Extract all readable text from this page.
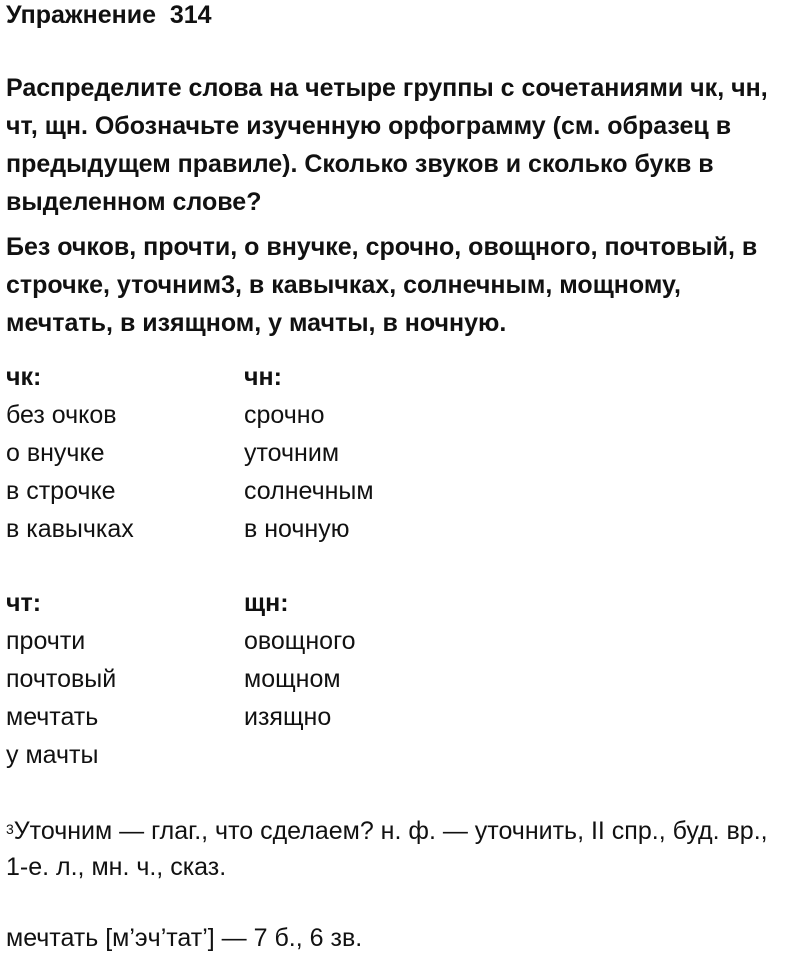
Упражнение  314
Распределите слова на четыре группы с сочетаниями чк, чн, чт, щн. Обозначьте изученную орфограмму (см. образец в предыдущем правиле). Сколько звуков и сколько букв в выделенном слове?
Без очков, прочти, о внучке, срочно, овощного, почтовый, в строчке, уточним3, в кавычках, солнечным, мощному, мечтать, в изящном, у мачты, в ночную.
чк:
без очков
о внучке
в строчке
в кавычках
чн:
срочно
уточним
солнечным
в ночную
чт:
прочти
почтовый
мечтать
у мачты
щн:
овощного
мощном
изящно
$^3$Уточним — глаг., что сделаем? н. ф. — уточнить, II спр., буд. вр., 1-е. л., мн. ч., сказ.
мечтать [м’эч’тат’] — 7 б., 6 зв.
